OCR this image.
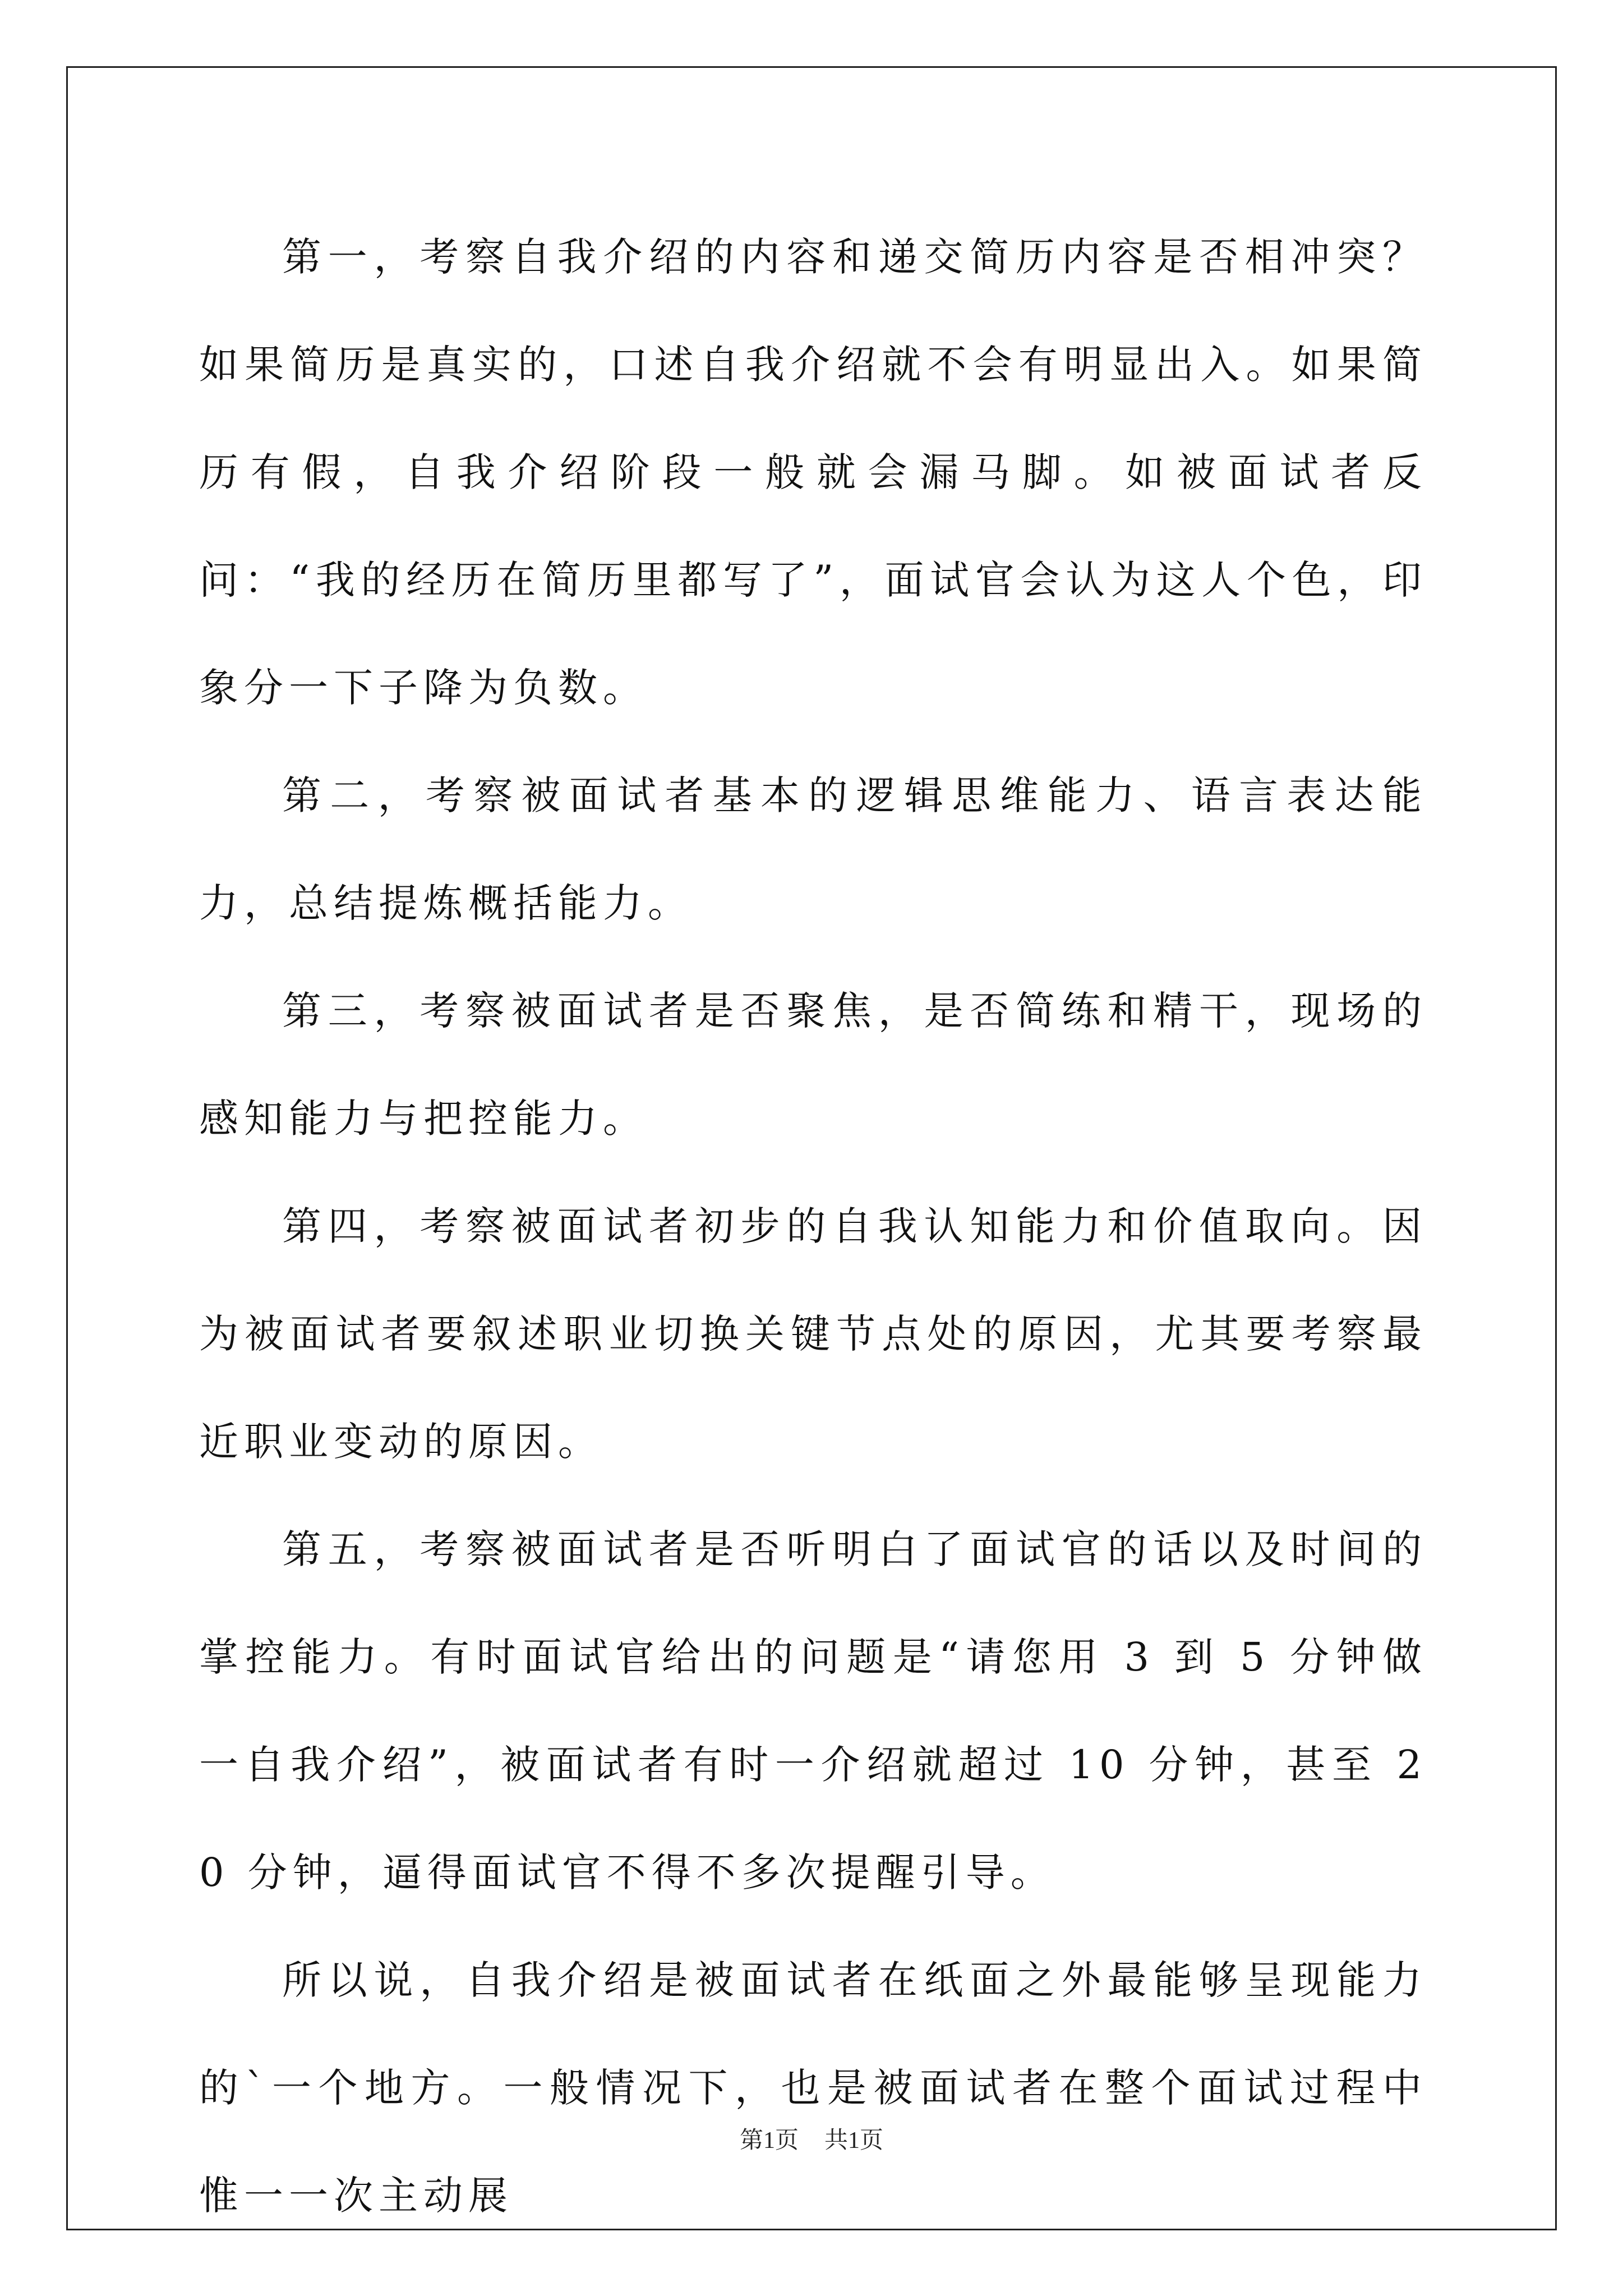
第一，考察自我介绍的内容和递交简历内容是否相冲突？如果简历是真实的，口述自我介绍就不会有明显出入。如果简历有假，自我介绍阶段一般就会漏马脚。如被面试者反问：“我的经历在简历里都写了”，面试官会认为这人个色，印象分一下子降为负数。

第二，考察被面试者基本的逻辑思维能力、语言表达能力，总结提炼概括能力。

第三，考察被面试者是否聚焦，是否简练和精干，现场的感知能力与把控能力。

第四，考察被面试者初步的自我认知能力和价值取向。因为被面试者要叙述职业切换关键节点处的原因，尤其要考察最近职业变动的原因。

第五，考察被面试者是否听明白了面试官的话以及时间的掌控能力。有时面试官给出的问题是“请您用 3 到 5 分钟做一自我介绍”，被面试者有时一介绍就超过 10 分钟，甚至 20 分钟，逼得面试官不得不多次提醒引导。

所以说，自我介绍是被面试者在纸面之外最能够呈现能力的`一个地方。一般情况下，也是被面试者在整个面试过程中惟一一次主动展

第1页 共1页
